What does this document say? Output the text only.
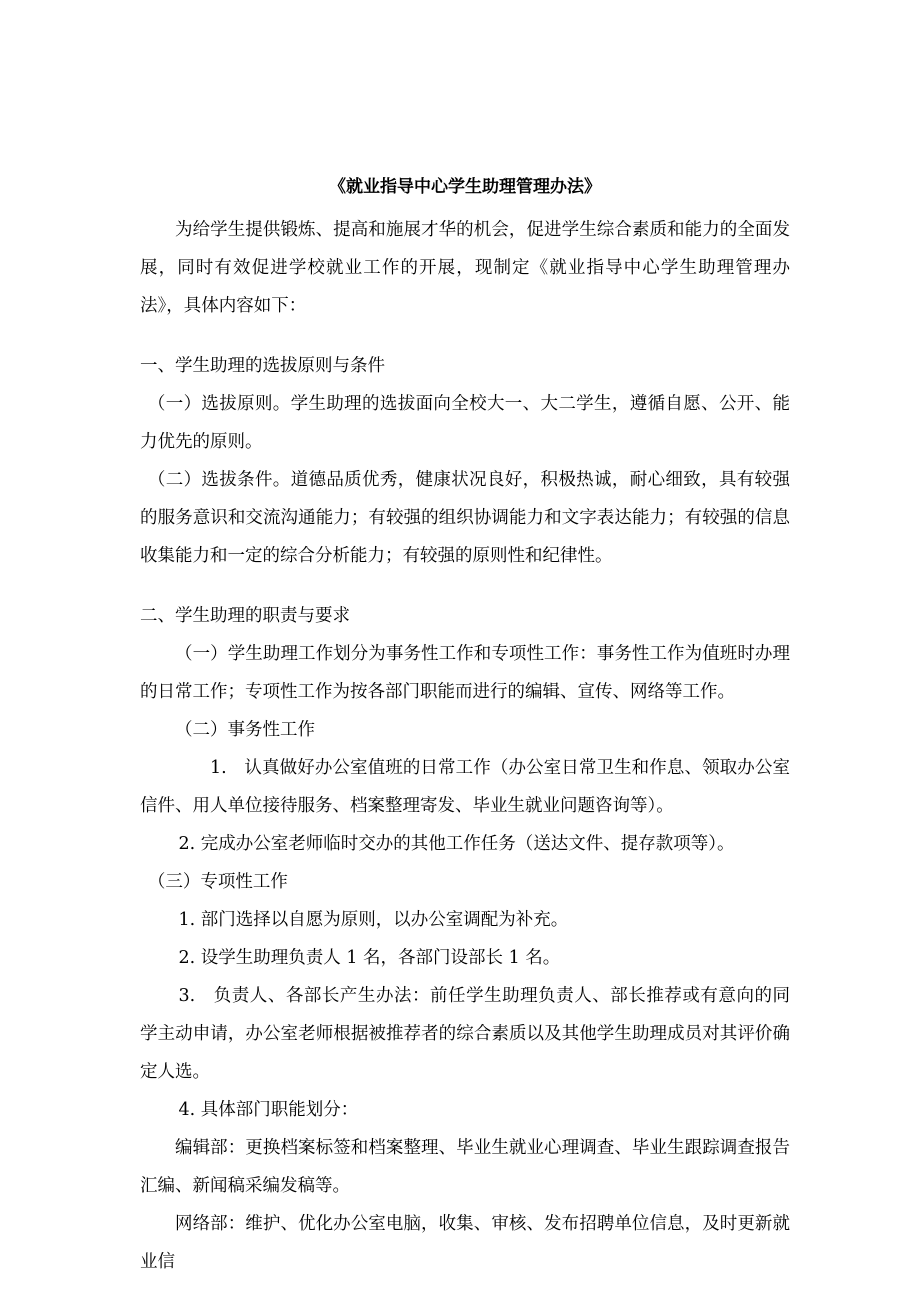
《就业指导中心学生助理管理办法》

为给学生提供锻炼、提高和施展才华的机会，促进学生综合素质和能力的全面发展，同时有效促进学校就业工作的开展，现制定《就业指导中心学生助理管理办法》，具体内容如下：

一、学生助理的选拔原则与条件

（一）选拔原则。学生助理的选拔面向全校大一、大二学生，遵循自愿、公开、能力优先的原则。

（二）选拔条件。道德品质优秀，健康状况良好，积极热诚，耐心细致，具有较强的服务意识和交流沟通能力；有较强的组织协调能力和文字表达能力；有较强的信息收集能力和一定的综合分析能力；有较强的原则性和纪律性。

二、学生助理的职责与要求

（一）学生助理工作划分为事务性工作和专项性工作：事务性工作为值班时办理的日常工作；专项性工作为按各部门职能而进行的编辑、宣传、网络等工作。

（二）事务性工作

1.　认真做好办公室值班的日常工作（办公室日常卫生和作息、领取办公室信件、用人单位接待服务、档案整理寄发、毕业生就业问题咨询等）。

2. 完成办公室老师临时交办的其他工作任务（送达文件、提存款项等）。

（三）专项性工作

1. 部门选择以自愿为原则，以办公室调配为补充。

2. 设学生助理负责人 1 名，各部门设部长 1 名。

3.　负责人、各部长产生办法：前任学生助理负责人、部长推荐或有意向的同学主动申请，办公室老师根据被推荐者的综合素质以及其他学生助理成员对其评价确定人选。

4. 具体部门职能划分：

编辑部：更换档案标签和档案整理、毕业生就业心理调查、毕业生跟踪调查报告汇编、新闻稿采编发稿等。

网络部：维护、优化办公室电脑，收集、审核、发布招聘单位信息，及时更新就业信
